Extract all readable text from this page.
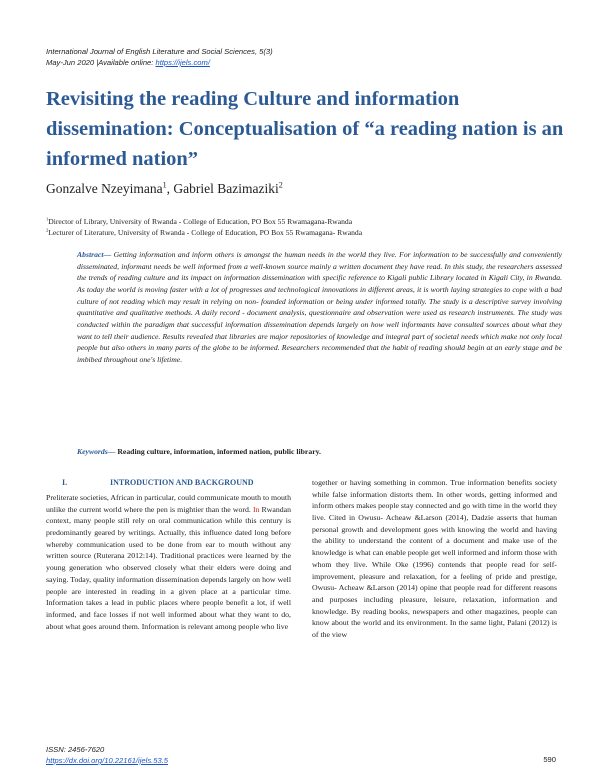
International Journal of English Literature and Social Sciences, 5(3)
May-Jun 2020 |Available online: https://ijels.com/
Revisiting the reading Culture and information dissemination: Conceptualisation of “a reading nation is an informed nation”
Gonzalve Nzeyimana$^1$, Gabriel Bazimaziki$^2$
$^1$Director of Library, University of Rwanda - College of Education, PO Box 55 Rwamagana-Rwanda
$^2$Lecturer of Literature, University of Rwanda - College of Education, PO Box 55 Rwamagana- Rwanda

Abstract— Getting information and inform others is amongst the human needs in the world they live. For information to be successfully and conveniently disseminated, informant needs be well informed from a well-known source mainly a written document they have read. In this study, the researchers assessed the trends of reading culture and its impact on information dissemination with specific reference to Kigali public Library located in Kigali City, in Rwanda. As today the world is moving faster with a lot of progresses and technological innovations in different areas, it is worth laying strategies to cope with a bad culture of not reading which may result in relying on non- founded information or being under informed totally. The study is a descriptive survey involving quantitative and qualitative methods. A daily record - document analysis, questionnaire and observation were used as research instruments. The study was conducted within the paradigm that successful information dissemination depends largely on how well informants have consulted sources about what they want to tell their audience. Results revealed that libraries are major repositories of knowledge and integral part of societal needs which make not only local people but also others in many parts of the globe to be informed. Researchers recommended that the habit of reading should begin at an early stage and be imbibed throughout one's lifetime.

Keywords— Reading culture, information, informed nation, public library.
I.	INTRODUCTION AND BACKGROUND

Preliterate societies, African in particular, could communicate mouth to mouth unlike the current world where the pen is mightier than the word. In Rwandan context, many people still rely on oral communication while this century is predominantly geared by writings. Actually, this influence dated long before whereby communication used to be done from ear to mouth without any written source (Ruterana 2012:14). Traditional practices were learned by the young generation who observed closely what their elders were doing and saying. Today, quality information dissemination depends largely on how well people are interested in reading in a given place at a particular time. Information takes a lead in public places where people benefit a lot, if well informed, and face losses if not well informed about what they want to do, about what goes around them. Information is relevant among people who live

together or having something in common. True information benefits society while false information distorts them. In other words, getting informed and inform others makes people stay connected and go with time in the world they live. Cited in Owusu- Acheaw &Larson (2014), Dadzie asserts that human personal growth and development goes with knowing the world and having the ability to understand the content of a document and make use of the knowledge is what can enable people get well informed and inform those with whom they live. While Oke (1996) contends that people read for self-improvement, pleasure and relaxation, for a feeling of pride and prestige, Owusu- Acheaw &Larson (2014) opine that people read for different reasons and purposes including pleasure, leisure, relaxation, information and knowledge. By reading books, newspapers and other magazines, people can know about the world and its environment. In the same light, Palani (2012) is of the view

ISSN: 2456-7620
https://dx.doi.org/10.22161/ijels.53.5	590
